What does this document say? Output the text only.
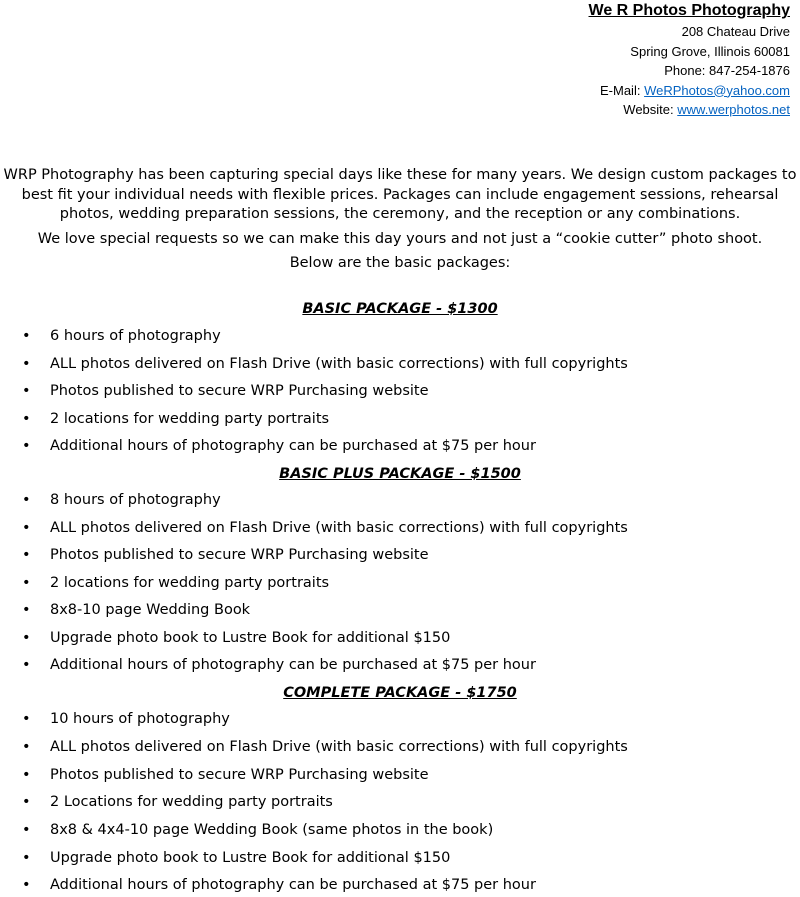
We R Photos Photography
208 Chateau Drive
Spring Grove, Illinois 60081
Phone: 847-254-1876
E-Mail: WeRPhotos@yahoo.com
Website: www.werphotos.net

WRP Photography has been capturing special days like these for many years. We design custom packages to best fit your individual needs with flexible prices. Packages can include engagement sessions, rehearsal photos, wedding preparation sessions, the ceremony, and the reception or any combinations.

We love special requests so we can make this day yours and not just a “cookie cutter” photo shoot.

Below are the basic packages:

BASIC PACKAGE - $1300
• 6 hours of photography
• ALL photos delivered on Flash Drive (with basic corrections) with full copyrights
• Photos published to secure WRP Purchasing website
• 2 locations for wedding party portraits
• Additional hours of photography can be purchased at $75 per hour
BASIC PLUS PACKAGE - $1500
• 8 hours of photography
• ALL photos delivered on Flash Drive (with basic corrections) with full copyrights
• Photos published to secure WRP Purchasing website
• 2 locations for wedding party portraits
• 8x8-10 page Wedding Book
• Upgrade photo book to Lustre Book for additional $150
• Additional hours of photography can be purchased at $75 per hour
COMPLETE PACKAGE - $1750
• 10 hours of photography
• ALL photos delivered on Flash Drive (with basic corrections) with full copyrights
• Photos published to secure WRP Purchasing website
• 2 Locations for wedding party portraits
• 8x8 & 4x4-10 page Wedding Book (same photos in the book)
• Upgrade photo book to Lustre Book for additional $150
• Additional hours of photography can be purchased at $75 per hour
